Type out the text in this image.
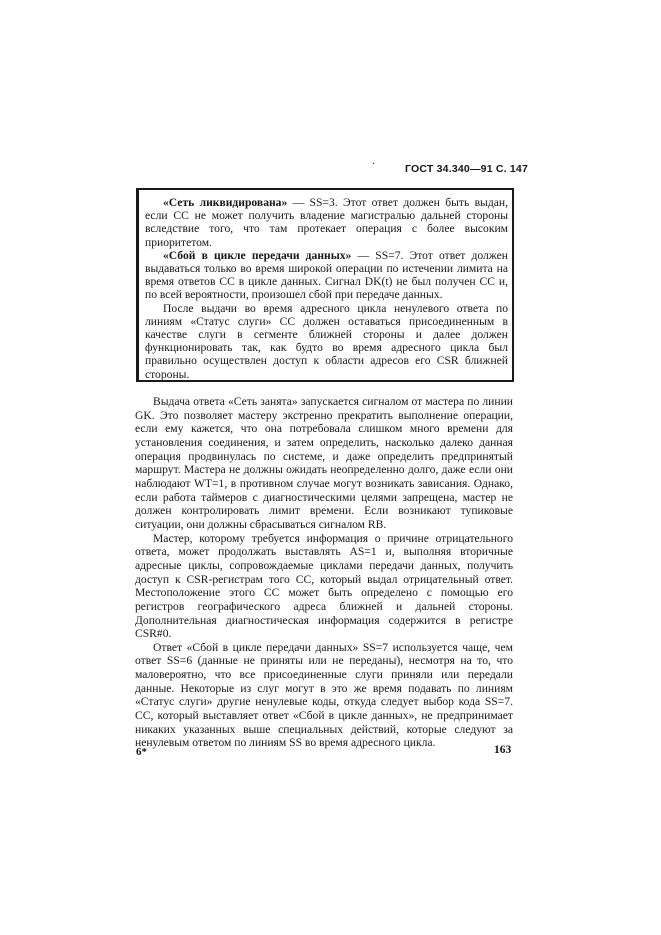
·	ГОСТ 34.340—91 С. 147

«Сеть ликвидирована» — SS=3. Этот ответ должен быть выдан, если СС не может получить владение магистралью дальней стороны вследствие того, что там протекает операция с более высоким приоритетом.

«Сбой в цикле передачи данных» — SS=7. Этот ответ должен выдаваться только во время широкой операции по истечении лимита на время ответов СС в цикле данных. Сигнал DK(t) не был получен СС и, по всей вероятности, произошел сбой при передаче данных.

После выдачи во время адресного цикла ненулевого ответа по линиям «Статус слуги» СС должен оставаться присоединенным в качестве слуги в сегменте ближней стороны и далее должен функционировать так, как будто во время адресного цикла был правильно осуществлен доступ к области адресов его CSR ближней стороны.

Выдача ответа «Сеть занята» запускается сигналом от мастера по линии GK. Это позволяет мастеру экстренно прекратить выполнение операции, если ему кажется, что она потребовала слишком много времени для установления соединения, и затем определить, насколько далеко данная операция продвинулась по системе, и даже определить предпринятый маршрут. Мастера не должны ожидать неопределенно долго, даже если они наблюдают WT=1, в противном случае могут возникать зависания. Однако, если работа таймеров с диагностическими целями запрещена, мастер не должен контролировать лимит времени. Если возникают тупиковые ситуации, они должны сбрасываться сигналом RB.

Мастер, которому требуется информация о причине отрицательного ответа, может продолжать выставлять AS=1 и, выполняя вторичные адресные циклы, сопровождаемые циклами передачи данных, получить доступ к CSR-регистрам того СС, который выдал отрицательный ответ. Местоположение этого СС может быть определено с помощью его регистров географического адреса ближней и дальней стороны. Дополнительная диагностическая информация содержится в регистре CSR#0.

Ответ «Сбой в цикле передачи данных» SS=7 используется чаще, чем ответ SS=6 (данные не приняты или не переданы), несмотря на то, что маловероятно, что все присоединенные слуги приняли или передали данные. Некоторые из слуг могут в это же время подавать по линиям «Статус слуги» другие ненулевые коды, откуда следует выбор кода SS=7. СС, который выставляет ответ «Сбой в цикле данных», не предпринимает никаких указанных выше специальных действий, которые следуют за ненулевым ответом по линиям SS во время адресного цикла.

6*	163
